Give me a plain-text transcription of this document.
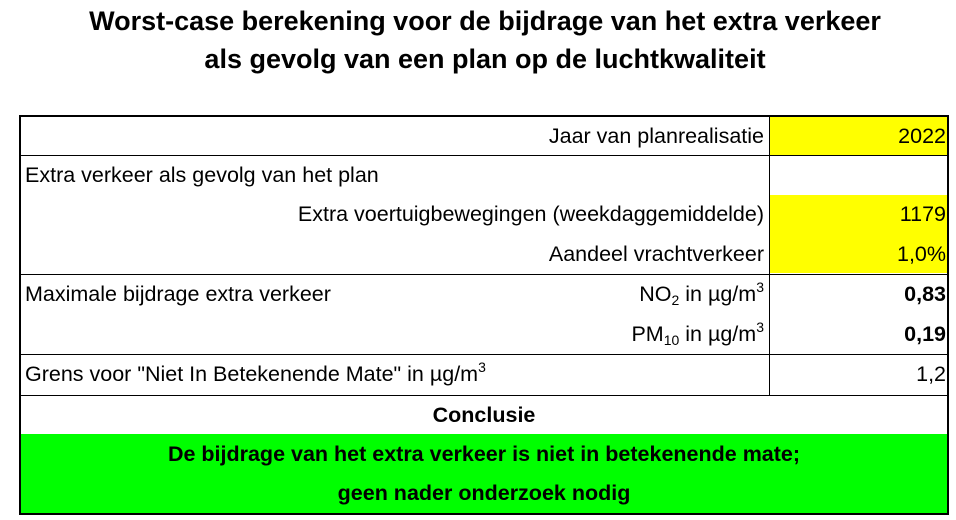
Worst-case berekening voor de bijdrage van het extra verkeer
als gevolg van een plan op de luchtkwaliteit
Jaar van planrealisatie	2022
Extra verkeer als gevolg van het plan
Extra voertuigbewegingen (weekdaggemiddelde)	1179
Aandeel vrachtverkeer	1,0%
Maximale bijdrage extra verkeer	$NO_2$ in $\mu g/m^3$	0,83
$PM_{10}$ in $\mu g/m^3$	0,19
Grens voor "Niet In Betekenende Mate" in $\mu g/m^3$	1,2
Conclusie
De bijdrage van het extra verkeer is niet in betekenende mate;
geen nader onderzoek nodig
